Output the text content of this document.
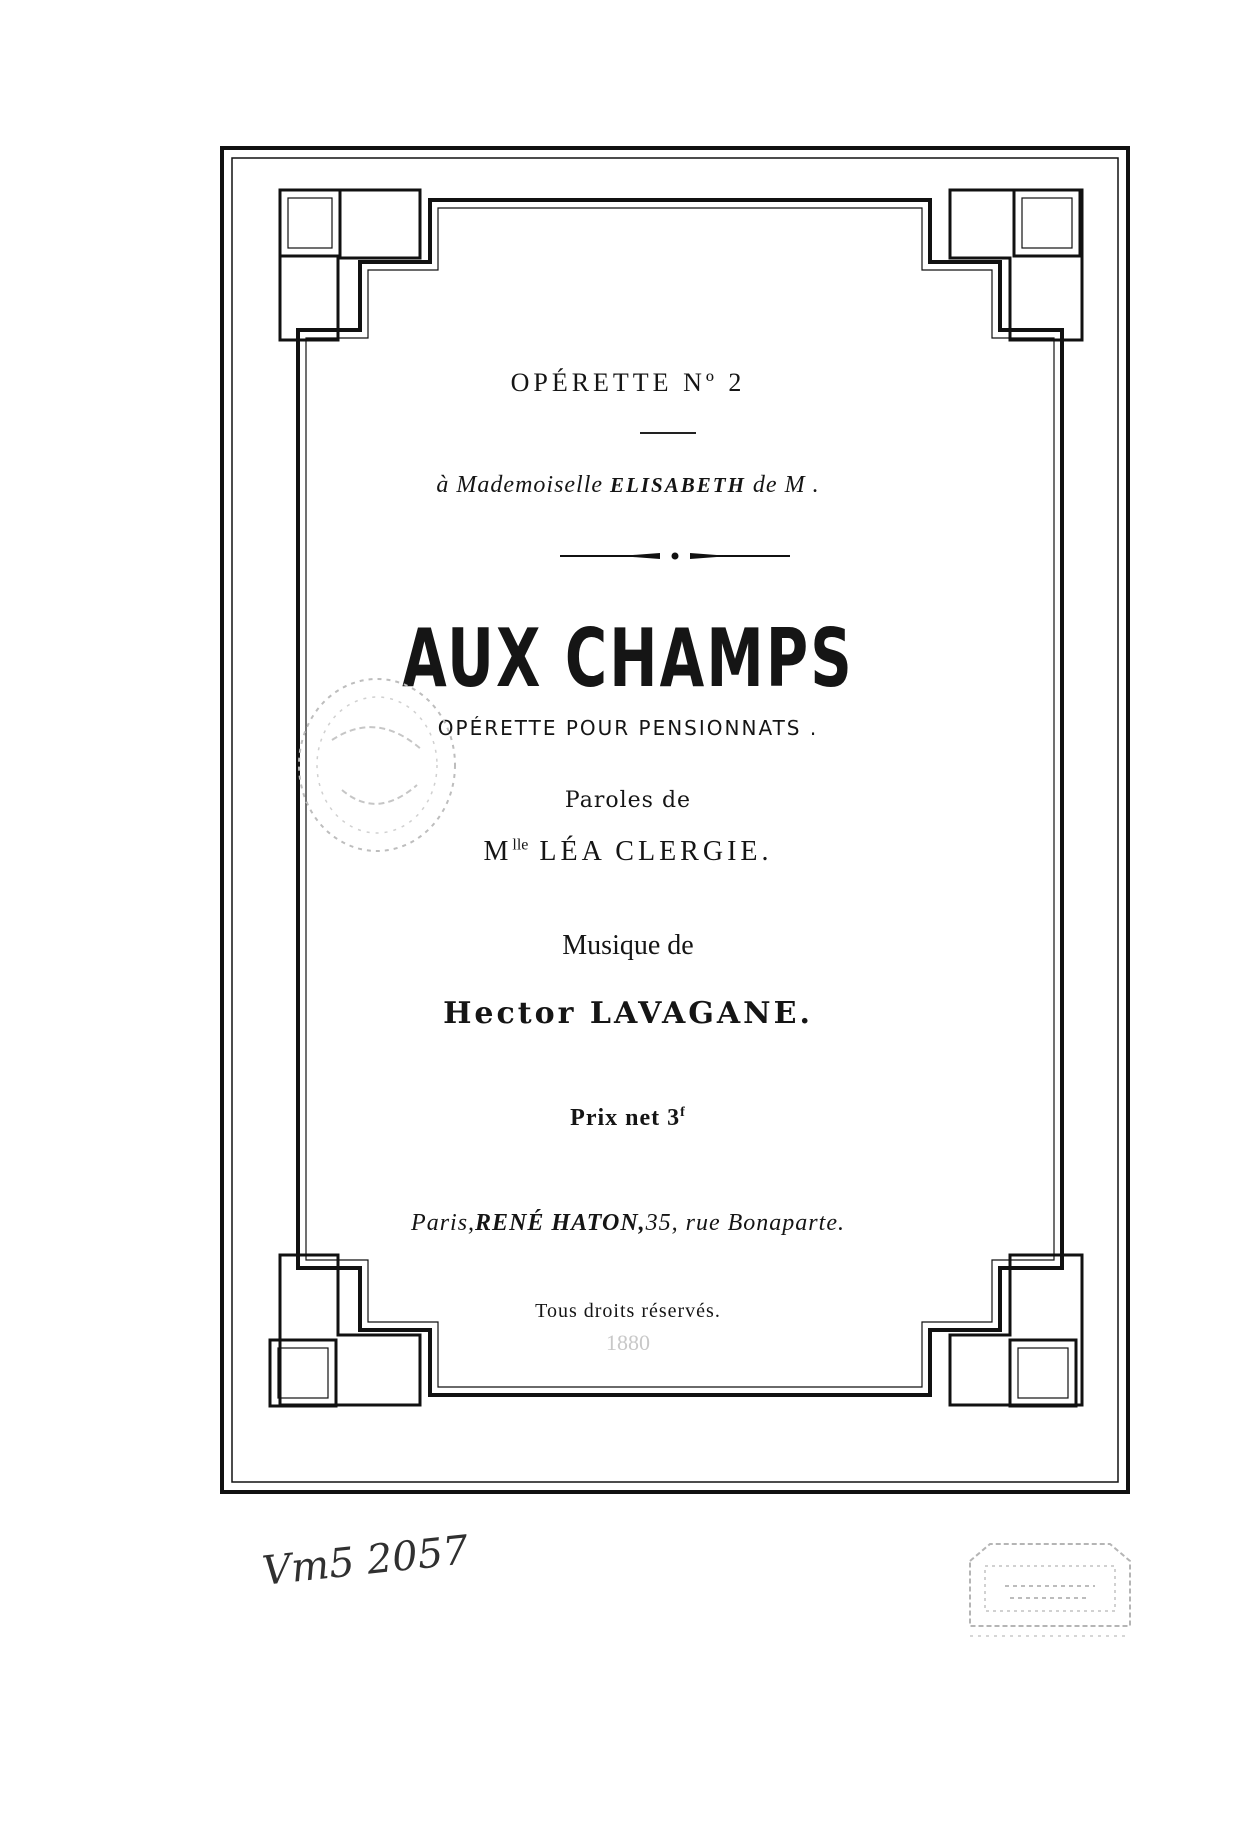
OPÉRETTE Nº 2
à Mademoiselle ELISABETH de M .
AUX CHAMPS
OPÉRETTE POUR PENSIONNATS .
Paroles de
$M^{lle}$ LÉA CLERGIE.
Musique de
Hector LAVAGANE.
Prix net 3$^f$
Paris,RENÉ HATON,35, rue Bonaparte.
Tous droits réservés.
1880
Vm5 2057
